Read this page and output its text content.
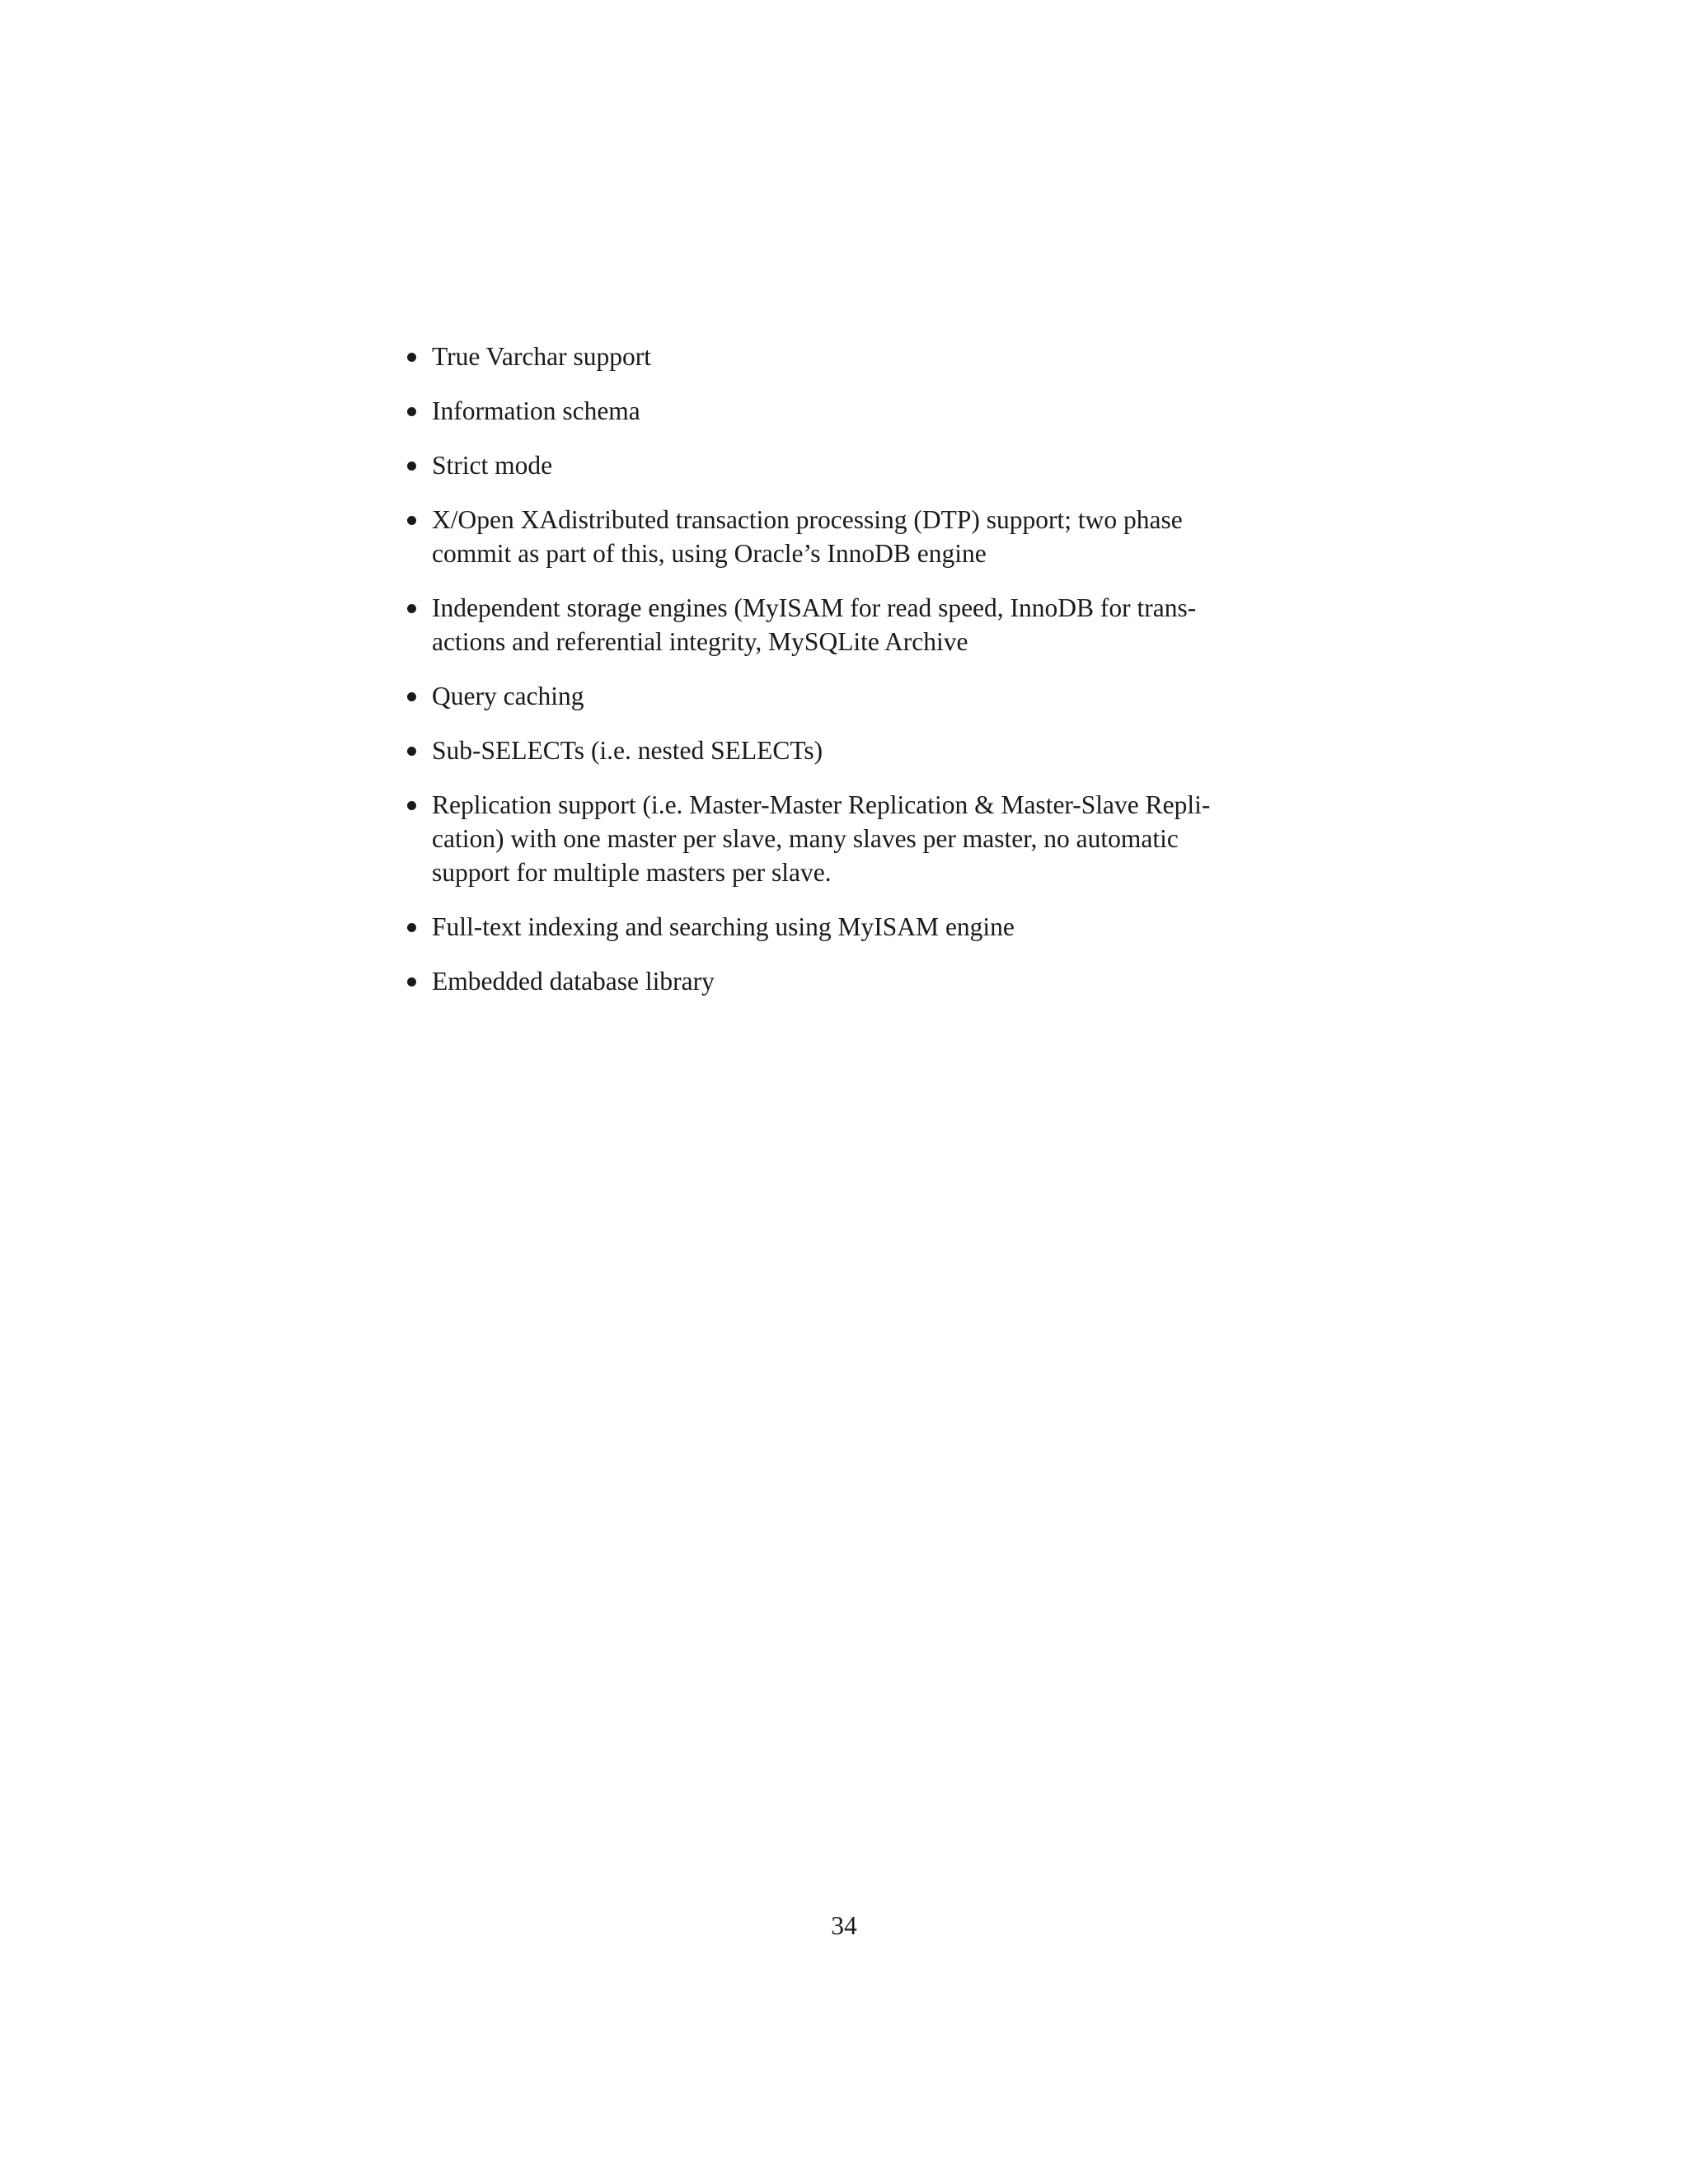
True Varchar support
Information schema
Strict mode
X/Open XAdistributed transaction processing (DTP) support; two phase
commit as part of this, using Oracle’s InnoDB engine
Independent storage engines (MyISAM for read speed, InnoDB for trans-
actions and referential integrity, MySQLite Archive
Query caching
Sub-SELECTs (i.e. nested SELECTs)
Replication support (i.e. Master-Master Replication & Master-Slave Repli-
cation) with one master per slave, many slaves per master, no automatic
support for multiple masters per slave.
Full-text indexing and searching using MyISAM engine
Embedded database library
34
